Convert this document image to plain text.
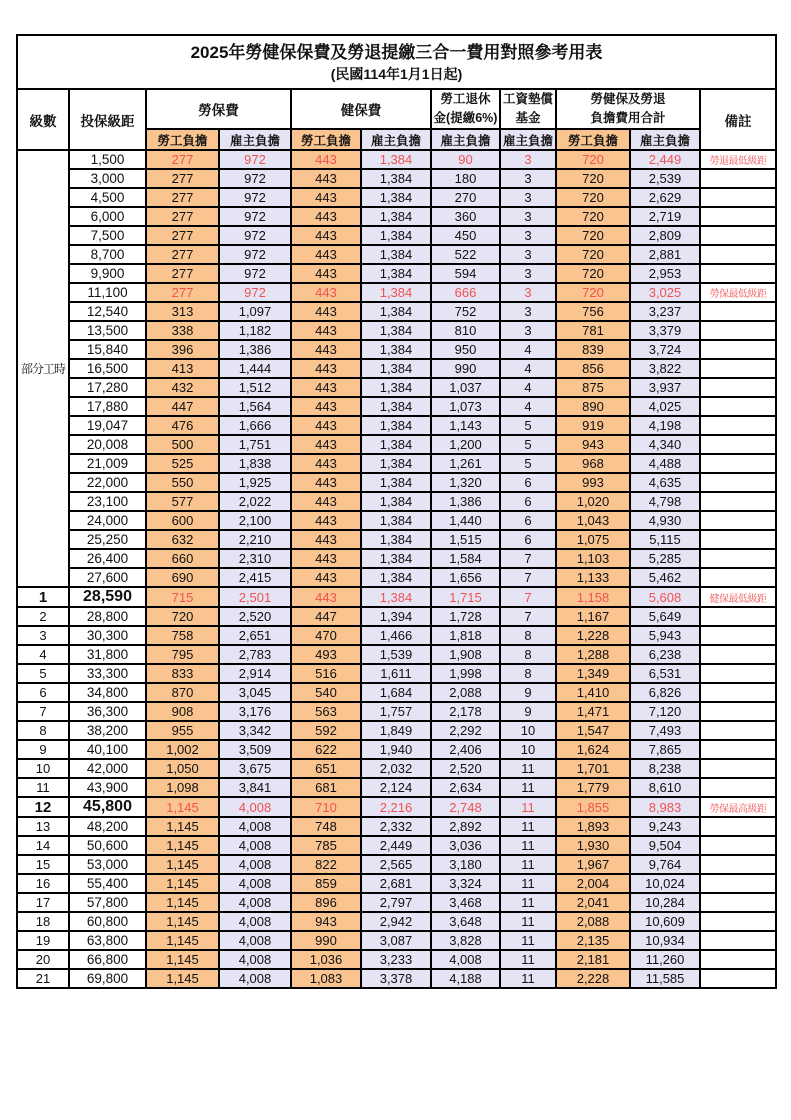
2025年勞健保保費及勞退提繳三合一費用對照參考用表
(民國114年1月1日起)										

級數	投保級距	勞保費	健保費	
勞工退休
金(提繳6%)

工資墊償
基金

勞健保及勞退
負擔費用合計	備註
		勞工負擔	雇主負擔	勞工負擔	雇主負擔	雇主負擔	雇主負擔	勞工負擔	雇主負擔	
部分工時	1,500	277	972	443	1,384	90	3	720	2,449	勞退最低級距
	3,000	277	972	443	1,384	180	3	720	2,539	
	4,500	277	972	443	1,384	270	3	720	2,629	
	6,000	277	972	443	1,384	360	3	720	2,719	
	7,500	277	972	443	1,384	450	3	720	2,809	
	8,700	277	972	443	1,384	522	3	720	2,881	
	9,900	277	972	443	1,384	594	3	720	2,953	
	11,100	277	972	443	1,384	666	3	720	3,025	勞保最低級距
	12,540	313	1,097	443	1,384	752	3	756	3,237	
	13,500	338	1,182	443	1,384	810	3	781	3,379	
	15,840	396	1,386	443	1,384	950	4	839	3,724	
	16,500	413	1,444	443	1,384	990	4	856	3,822	
	17,280	432	1,512	443	1,384	1,037	4	875	3,937	
	17,880	447	1,564	443	1,384	1,073	4	890	4,025	
	19,047	476	1,666	443	1,384	1,143	5	919	4,198	
	20,008	500	1,751	443	1,384	1,200	5	943	4,340	
	21,009	525	1,838	443	1,384	1,261	5	968	4,488	
	22,000	550	1,925	443	1,384	1,320	6	993	4,635	
	23,100	577	2,022	443	1,384	1,386	6	1,020	4,798	
	24,000	600	2,100	443	1,384	1,440	6	1,043	4,930	
	25,250	632	2,210	443	1,384	1,515	6	1,075	5,115	
	26,400	660	2,310	443	1,384	1,584	7	1,103	5,285	
	27,600	690	2,415	443	1,384	1,656	7	1,133	5,462	
1	28,590	715	2,501	443	1,384	1,715	7	1,158	5,608	健保最低級距
2	28,800	720	2,520	447	1,394	1,728	7	1,167	5,649	
3	30,300	758	2,651	470	1,466	1,818	8	1,228	5,943	
4	31,800	795	2,783	493	1,539	1,908	8	1,288	6,238	
5	33,300	833	2,914	516	1,611	1,998	8	1,349	6,531	
6	34,800	870	3,045	540	1,684	2,088	9	1,410	6,826	
7	36,300	908	3,176	563	1,757	2,178	9	1,471	7,120	
8	38,200	955	3,342	592	1,849	2,292	10	1,547	7,493	
9	40,100	1,002	3,509	622	1,940	2,406	10	1,624	7,865	
10	42,000	1,050	3,675	651	2,032	2,520	11	1,701	8,238	
11	43,900	1,098	3,841	681	2,124	2,634	11	1,779	8,610	
12	45,800	1,145	4,008	710	2,216	2,748	11	1,855	8,983	勞保最高級距
13	48,200	1,145	4,008	748	2,332	2,892	11	1,893	9,243	
14	50,600	1,145	4,008	785	2,449	3,036	11	1,930	9,504	
15	53,000	1,145	4,008	822	2,565	3,180	11	1,967	9,764	
16	55,400	1,145	4,008	859	2,681	3,324	11	2,004	10,024	
17	57,800	1,145	4,008	896	2,797	3,468	11	2,041	10,284	
18	60,800	1,145	4,008	943	2,942	3,648	11	2,088	10,609	
19	63,800	1,145	4,008	990	3,087	3,828	11	2,135	10,934	
20	66,800	1,145	4,008	1,036	3,233	4,008	11	2,181	11,260	
21	69,800	1,145	4,008	1,083	3,378	4,188	11	2,228	11,585	
